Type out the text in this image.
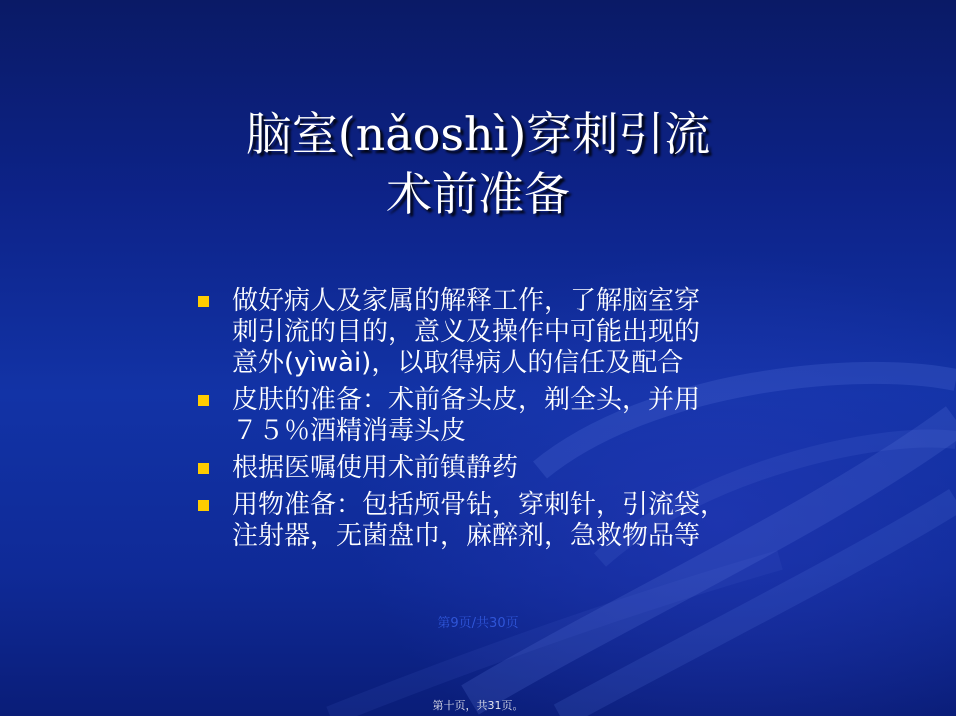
脑室(nǎoshì)穿刺引流
术前准备
做好病人及家属的解释工作，了解脑室穿
刺引流的目的，意义及操作中可能出现的
意外(yìwài)，以取得病人的信任及配合
皮肤的准备：术前备头皮，剃全头，并用
７５％酒精消毒头皮
根据医嘱使用术前镇静药
用物准备：包括颅骨钻，穿刺针，引流袋，
注射器，无菌盘巾，麻醉剂，急救物品等
第9页/共30页
第十页，共31页。
